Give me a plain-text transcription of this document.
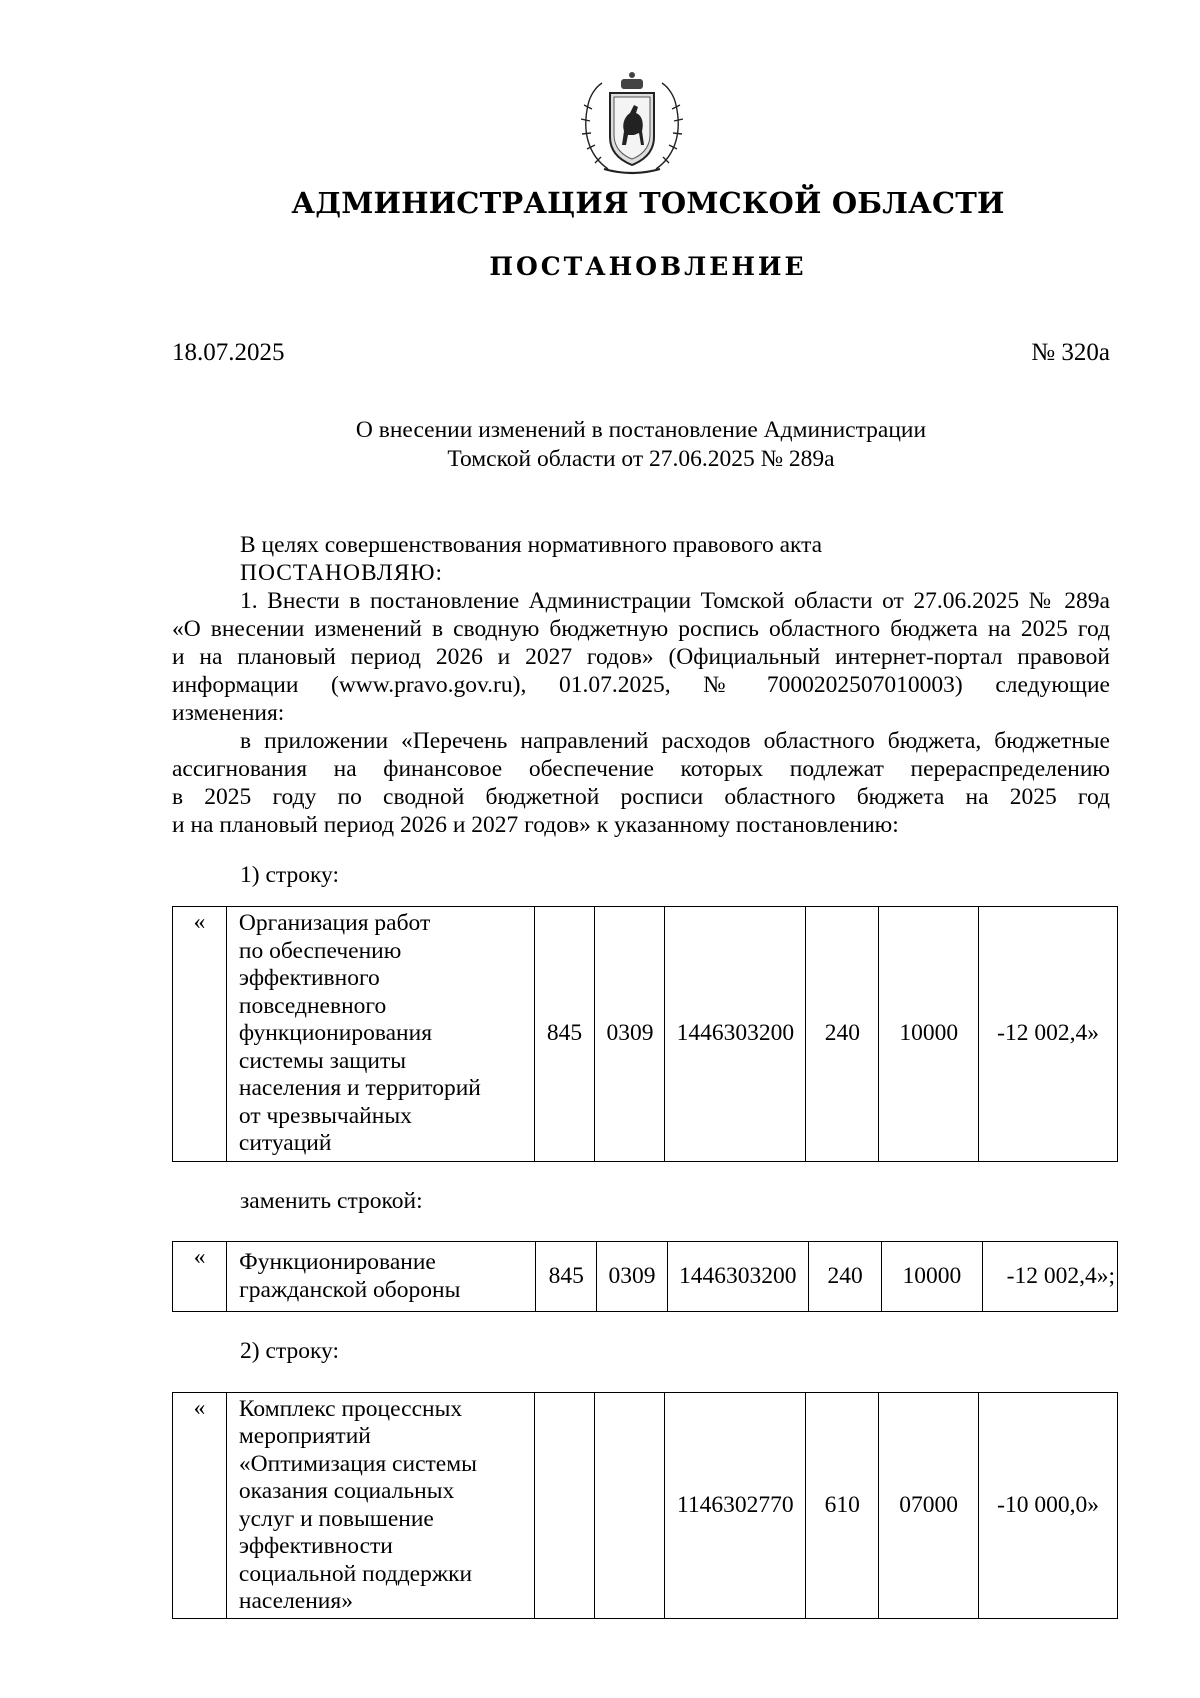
АДМИНИСТРАЦИЯ ТОМСКОЙ ОБЛАСТИ
ПОСТАНОВЛЕНИЕ
18.07.2025	№ 320а
О внесении изменений в постановление Администрации
Томской области от 27.06.2025 № 289а

В целях совершенствования нормативного правового акта

ПОСТАНОВЛЯЮ:

1. Внести в постановление Администрации Томской области от 27.06.2025 № 289а

«О внесении изменений в сводную бюджетную роспись областного бюджета на 2025 год

и на плановый период 2026 и 2027 годов» (Официальный интернет-портал правовой

информации (www.pravo.gov.ru), 01.07.2025, № 7000202507010003) следующие

изменения:

в приложении «Перечень направлений расходов областного бюджета, бюджетные

ассигнования на финансовое обеспечение которых подлежат перераспределению

в 2025 году по сводной бюджетной росписи областного бюджета на 2025 год

и на плановый период 2026 и 2027 годов» к указанному постановлению:

1) строку:
«	Организация работ
по обеспечению
эффективного
повседневного
функционирования
системы защиты
населения и территорий
от чрезвычайных
ситуаций
	845	0309	1446303200	240	10000	-12 002,4»
заменить строкой:
«	Функционирование
гражданской обороны
	845	0309	1446303200	240	10000	-12 002,4»;
2) строку:
«	Комплекс процессных
мероприятий
«Оптимизация системы
оказания социальных
услуг и повышение
эффективности
социальной поддержки
населения»
			1146302770	610	07000	-10 000,0»
